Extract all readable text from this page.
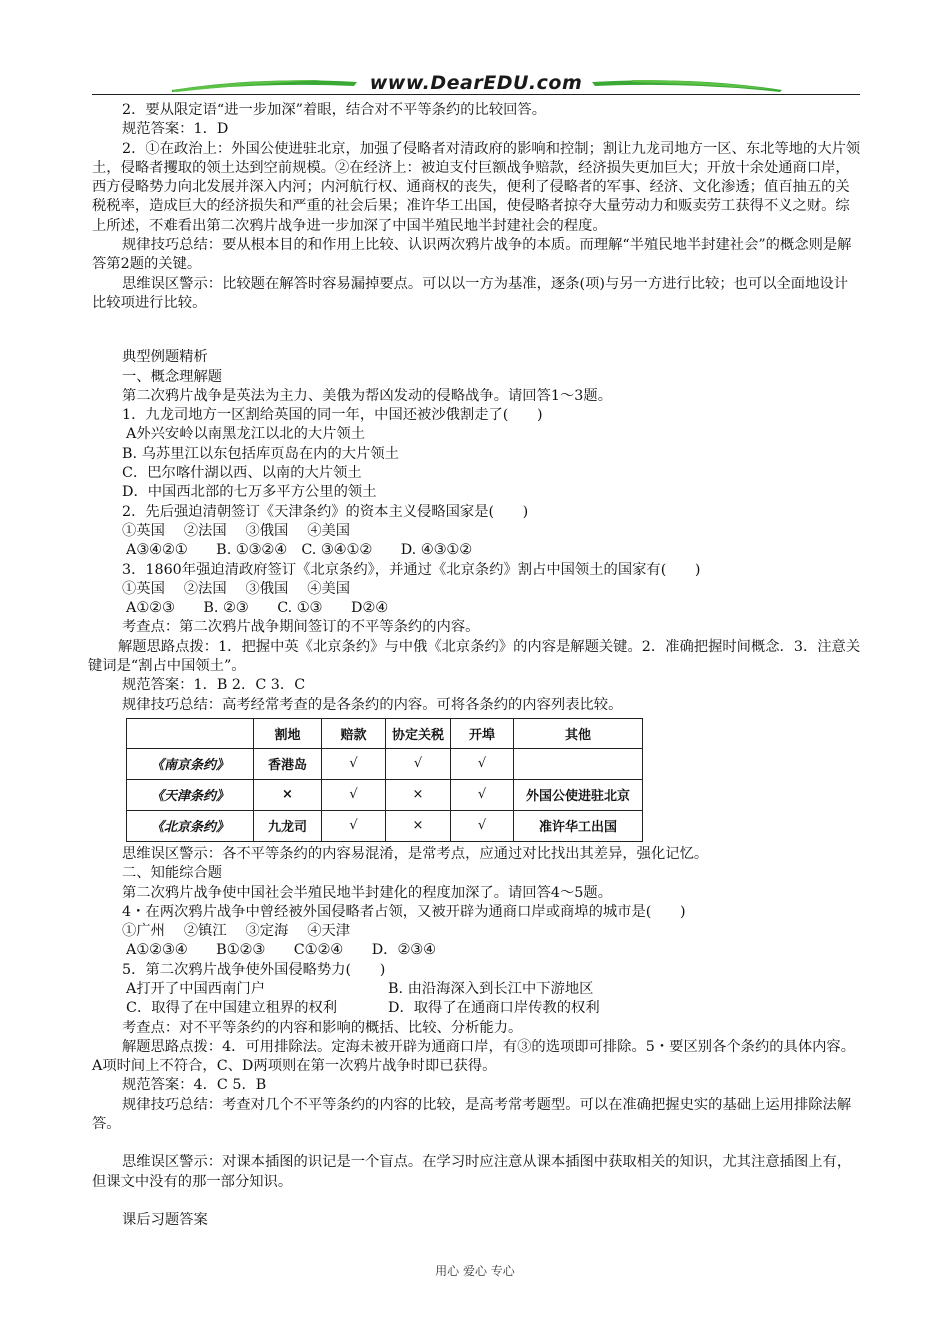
www.DearEDU.com

2．要从限定语“进一步加深”着眼，结合对不平等条约的比较回答。

规范答案：1．D

2．①在政治上：外国公使进驻北京，加强了侵略者对清政府的影响和控制；割让九龙司地方一区、东北等地的大片领土，侵略者攫取的领土达到空前规模。②在经济上：被迫支付巨额战争赔款，经济损失更加巨大；开放十余处通商口岸，西方侵略势力向北发展并深入内河；内河航行权、通商权的丧失，便利了侵略者的军事、经济、文化渗透；值百抽五的关税税率，造成巨大的经济损失和严重的社会后果；准许华工出国，使侵略者掠夺大量劳动力和贩卖劳工获得不义之财。综上所述，不难看出第二次鸦片战争进一步加深了中国半殖民地半封建社会的程度。

规律技巧总结：要从根本目的和作用上比较、认识两次鸦片战争的本质。而理解“半殖民地半封建社会”的概念则是解答第2题的关键。

思维误区警示：比较题在解答时容易漏掉要点。可以以一方为基准，逐条(项)与另一方进行比较；也可以全面地设计比较项进行比较。

典型例题精析

一、概念理解题

第二次鸦片战争是英法为主力、美俄为帮凶发动的侵略战争。请回答1～3题。

1．九龙司地方一区割给英国的同一年，中国还被沙俄割走了(　　)

A外兴安岭以南黑龙江以北的大片领土

B. 乌苏里江以东包括库页岛在内的大片领土

C．巴尔喀什湖以西、以南的大片领土

D．中国西北部的七万多平方公里的领土

2．先后强迫清朝签订《天津条约》的资本主义侵略国家是(　　)

①英国　 ②法国　 ③俄国　 ④美国

A③④②①　　B. ①③②④　C. ③④①②　　D. ④③①②

3．1860年强迫清政府签订《北京条约》，并通过《北京条约》割占中国领土的国家有(　　)

①英国　 ②法国　 ③俄国　 ④美国

A①②③　　B. ②③　　C. ①③　　D②④

考查点：第二次鸦片战争期间签订的不平等条约的内容。

解题思路点拨：1．把握中英《北京条约》与中俄《北京条约》的内容是解题关键。2．准确把握时间概念．3．注意关键词是“割占中国领土”。

规范答案：1．B 2．C 3．C

规律技巧总结：高考经常考查的是各条约的内容。可将各条约的内容列表比较。

	割地	赔款	协定关税	开埠	其他
《南京条约》	香港岛	√	√	√	
《天津条约》	×	√	×	√	外国公使进驻北京
《北京条约》	九龙司	√	×	√	准许华工出国

思维误区警示：各不平等条约的内容易混淆，是常考点，应通过对比找出其差异，强化记忆。

二、知能综合题

第二次鸦片战争使中国社会半殖民地半封建化的程度加深了。请回答4～5题。

4・在两次鸦片战争中曾经被外国侵略者占领，又被开辟为通商口岸或商埠的城市是(　　)

①广州　 ②镇江　 ③定海　 ④天津

A①②③④　　B①②③　　C①②④　　D．②③④

5．第二次鸦片战争使外国侵略势力(　　)

A打开了中国西南门户	B. 由沿海深入到长江中下游地区

C．取得了在中国建立租界的权利	D．取得了在通商口岸传教的权利

考查点：对不平等条约的内容和影响的概括、比较、分析能力。

解题思路点拨：4．可用排除法。定海未被开辟为通商口岸，有③的选项即可排除。5・要区别各个条约的具体内容。A项时间上不符合，C、D两项则在第一次鸦片战争时即已获得。

规范答案：4．C 5．B

规律技巧总结：考查对几个不平等条约的内容的比较，是高考常考题型。可以在准确把握史实的基础上运用排除法解答。

思维误区警示：对课本插图的识记是一个盲点。在学习时应注意从课本插图中获取相关的知识，尤其注意插图上有，但课文中没有的那一部分知识。

课后习题答案

用心 爱心 专心
